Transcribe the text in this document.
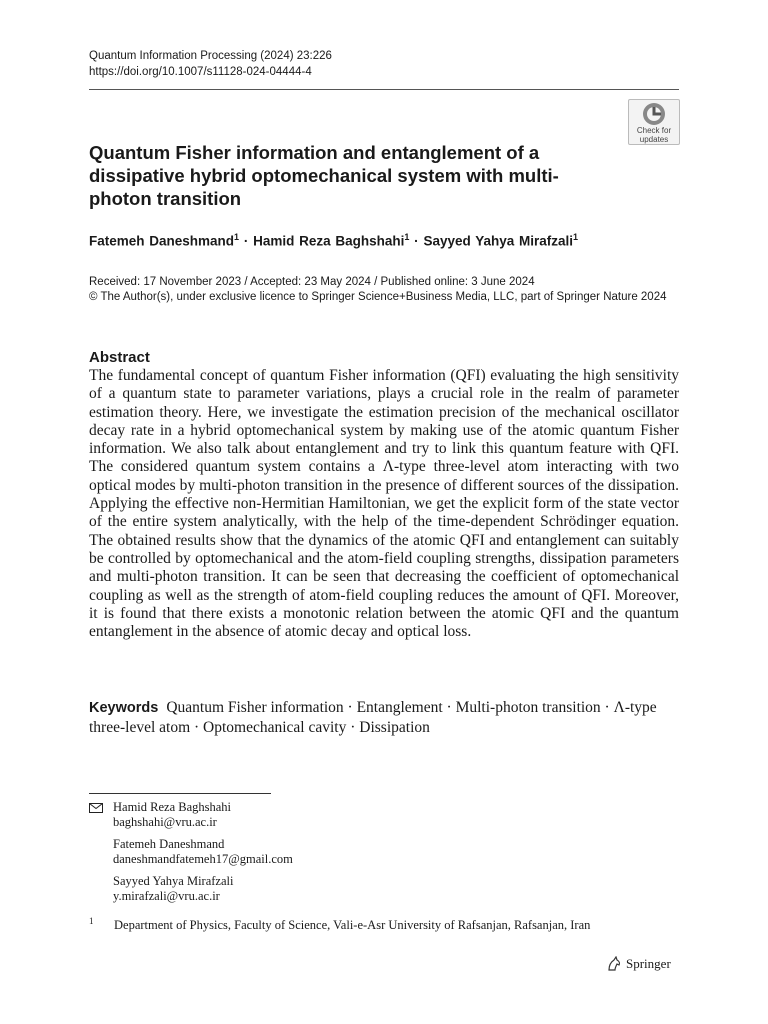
Quantum Information Processing (2024) 23:226
https://doi.org/10.1007/s11128-024-04444-4
Check for
updates
Quantum Fisher information and entanglement of a dissipative hybrid optomechanical system with multi-photon transition
Fatemeh Daneshmand$^1$ · Hamid Reza Baghshahi$^1$ · Sayyed Yahya Mirafzali$^1$
Received: 17 November 2023 / Accepted: 23 May 2024 / Published online: 3 June 2024
© The Author(s), under exclusive licence to Springer Science+Business Media, LLC, part of Springer Nature 2024
Abstract
The fundamental concept of quantum Fisher information (QFI) evaluating the high sensitivity of a quantum state to parameter variations, plays a crucial role in the realm of parameter estimation theory. Here, we investigate the estimation precision of the mechanical oscillator decay rate in a hybrid optomechanical system by making use of the atomic quantum Fisher information. We also talk about entanglement and try to link this quantum feature with QFI. The considered quantum system contains a Λ-type three-level atom interacting with two optical modes by multi-photon transition in the presence of different sources of the dissipation. Applying the effective non-Hermitian Hamiltonian, we get the explicit form of the state vector of the entire system analytically, with the help of the time-dependent Schrödinger equation. The obtained results show that the dynamics of the atomic QFI and entanglement can suitably be controlled by optomechanical and the atom-field coupling strengths, dissipation parameters and multi-photon transition. It can be seen that decreasing the coefficient of optomechanical coupling as well as the strength of atom-field coupling reduces the amount of QFI. Moreover, it is found that there exists a monotonic relation between the atomic QFI and the quantum entanglement in the absence of atomic decay and optical loss.
Keywords Quantum Fisher information · Entanglement · Multi-photon transition · Λ-type three-level atom · Optomechanical cavity · Dissipation
Hamid Reza Baghshahi
baghshahi@vru.ac.ir
Fatemeh Daneshmand
daneshmandfatemeh17@gmail.com
Sayyed Yahya Mirafzali
y.mirafzali@vru.ac.ir
1 Department of Physics, Faculty of Science, Vali-e-Asr University of Rafsanjan, Rafsanjan, Iran
Springer
